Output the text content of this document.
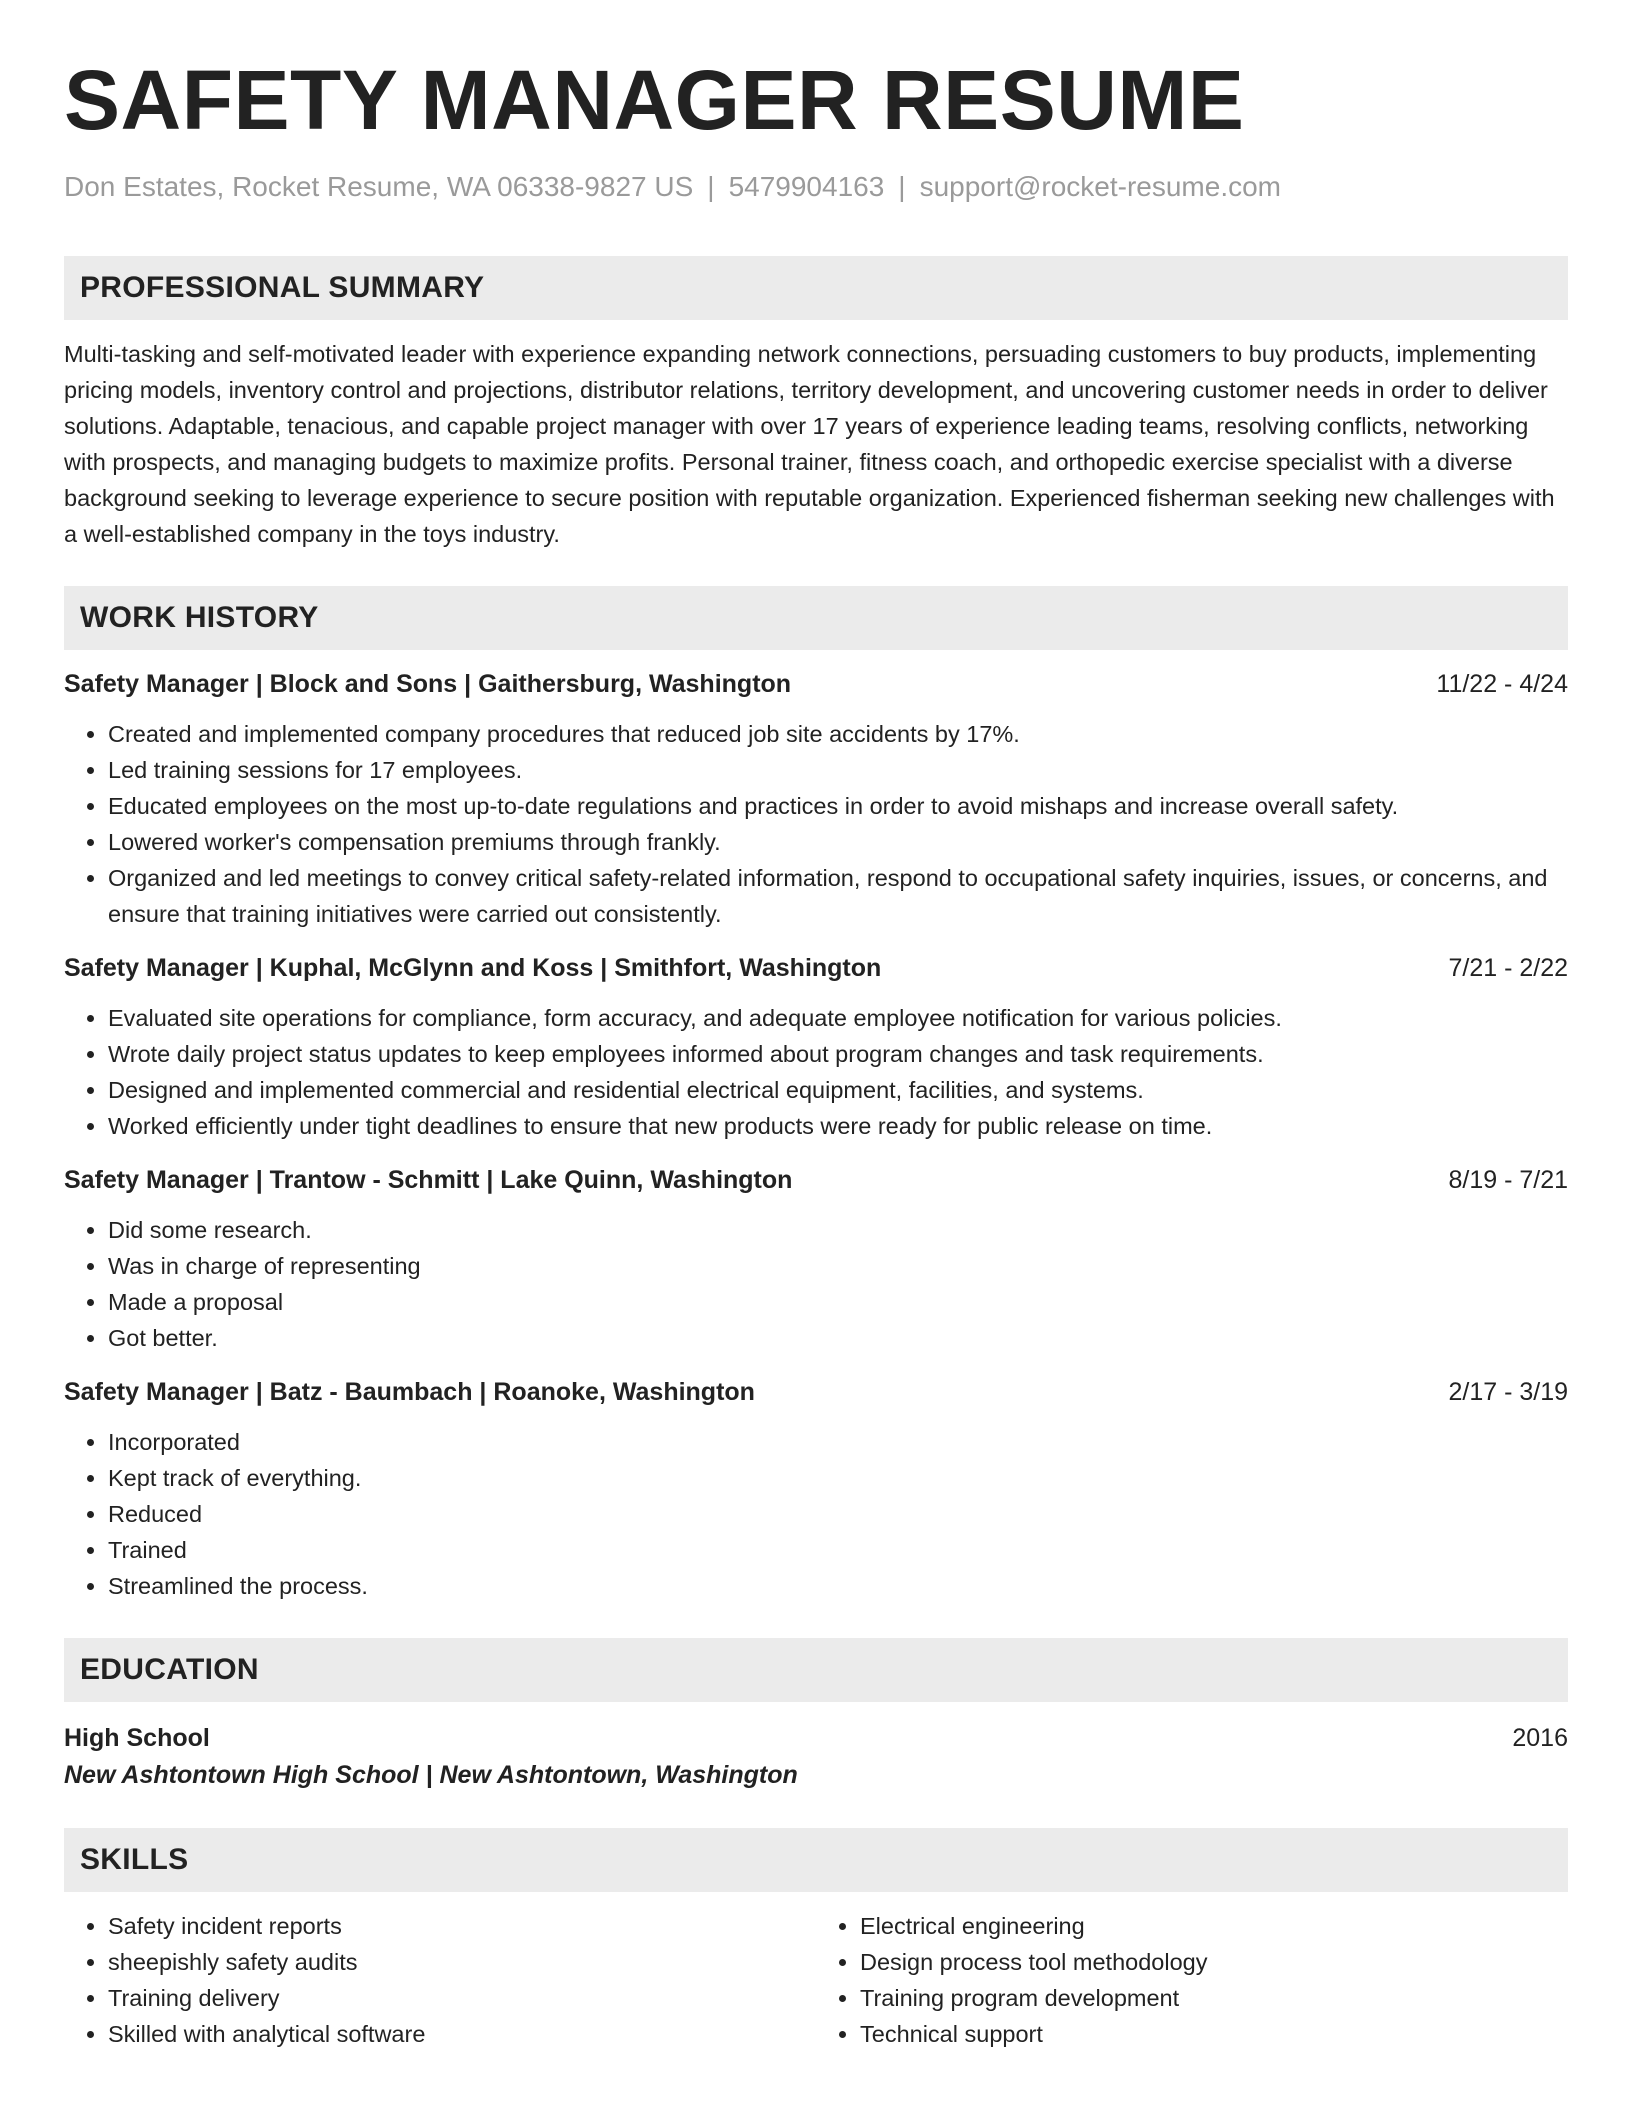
SAFETY MANAGER RESUME
Don Estates, Rocket Resume, WA 06338-9827 US | 5479904163 | support@rocket-resume.com
PROFESSIONAL SUMMARY
Multi-tasking and self-motivated leader with experience expanding network connections, persuading customers to buy products, implementing pricing models, inventory control and projections, distributor relations, territory development, and uncovering customer needs in order to deliver solutions. Adaptable, tenacious, and capable project manager with over 17 years of experience leading teams, resolving conflicts, networking with prospects, and managing budgets to maximize profits. Personal trainer, fitness coach, and orthopedic exercise specialist with a diverse background seeking to leverage experience to secure position with reputable organization. Experienced fisherman seeking new challenges with a well-established company in the toys industry.
WORK HISTORY
Safety Manager | Block and Sons | Gaithersburg, Washington	11/22 - 4/24
• Created and implemented company procedures that reduced job site accidents by 17%.
• Led training sessions for 17 employees.
• Educated employees on the most up-to-date regulations and practices in order to avoid mishaps and increase overall safety.
• Lowered worker's compensation premiums through frankly.
• Organized and led meetings to convey critical safety-related information, respond to occupational safety inquiries, issues, or concerns, and ensure that training initiatives were carried out consistently.
Safety Manager | Kuphal, McGlynn and Koss | Smithfort, Washington	7/21 - 2/22
• Evaluated site operations for compliance, form accuracy, and adequate employee notification for various policies.
• Wrote daily project status updates to keep employees informed about program changes and task requirements.
• Designed and implemented commercial and residential electrical equipment, facilities, and systems.
• Worked efficiently under tight deadlines to ensure that new products were ready for public release on time.
Safety Manager | Trantow - Schmitt | Lake Quinn, Washington	8/19 - 7/21
• Did some research.
• Was in charge of representing
• Made a proposal
• Got better.
Safety Manager | Batz - Baumbach | Roanoke, Washington	2/17 - 3/19
• Incorporated
• Kept track of everything.
• Reduced
• Trained
• Streamlined the process.
EDUCATION
High School	2016
New Ashtontown High School | New Ashtontown, Washington
SKILLS
• Safety incident reports
• sheepishly safety audits
• Training delivery
• Skilled with analytical software
• Electrical engineering
• Design process tool methodology
• Training program development
• Technical support
